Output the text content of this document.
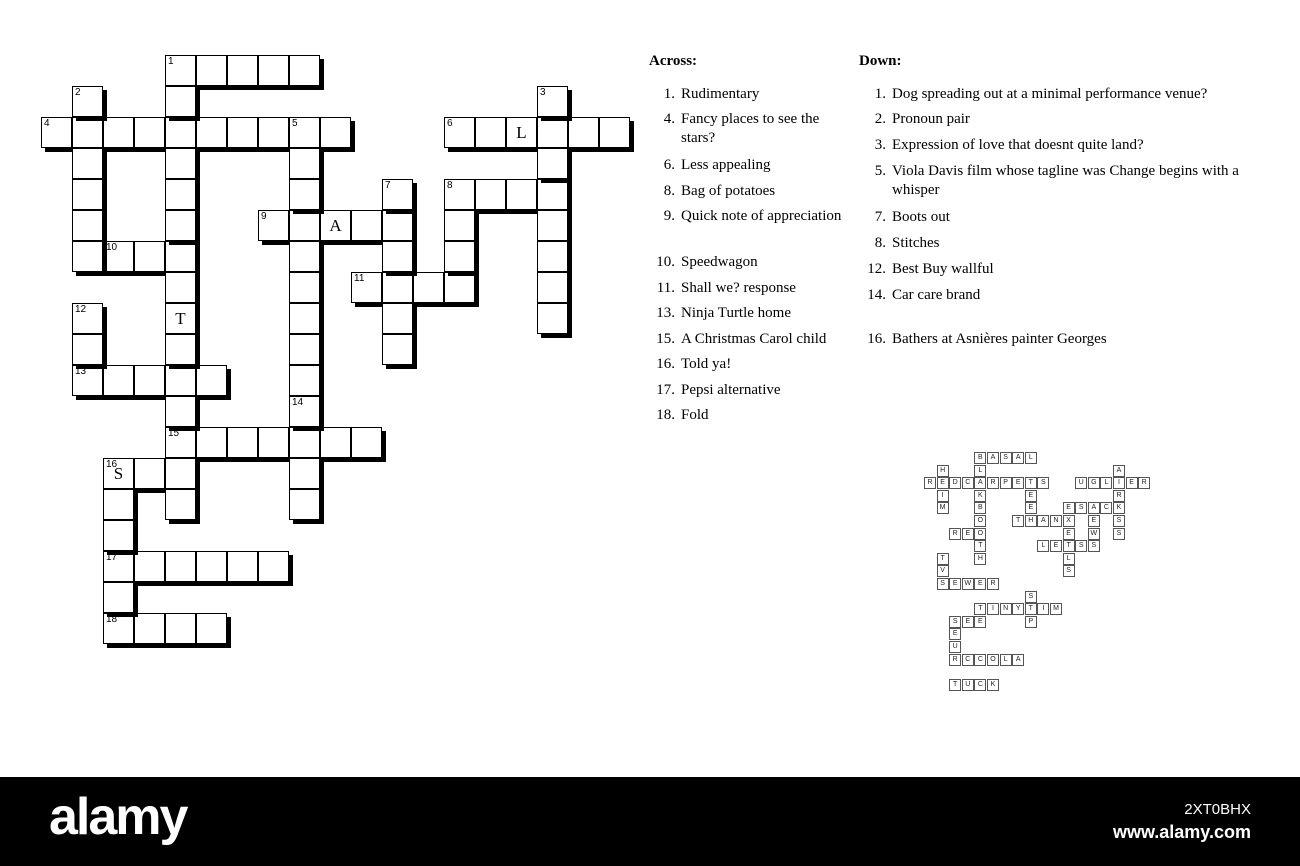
1
4	5	6	L
8
9	A
10
11
13
15
16
S
17
18
T
2	3
7
12
14
Across:	Down:
1. Rudimentary
4. Fancy places to see the stars?
6. Less appealing
8. Bag of potatoes
9. Quick note of appreciation
10. Speedwagon
11. Shall we? response
13. Ninja Turtle home
15. A Christmas Carol child
16. Told ya!
17. Pepsi alternative
18. Fold
1. Dog spreading out at a minimal performance venue?
2. Pronoun pair
3. Expression of love that doesnt quite land?
5. Viola Davis film whose tagline was Change begins with a whisper
7. Boots out
8. Stitches
12. Best Buy wallful
14. Car care brand
16. Bathers at Asnières painter Georges
B	A	S	A	L
R	E	D	C	A	R	P	E	T	S	U	G	L	I	E	R
S	A	C	K
T	H	A	N	X
R	E	O
L	E	T	S
S	E W E	R
T	I	N	Y	T	I	M
S	E	E
R	C	C	O	L	A
T	U	C	K
L
K
B
O
T
H
H
I
M
A
R
S
S
E
E	E
E
L
S
E
W
S
T
V
S
P
E
U
alamy	2XT0BHX
www.alamy.com
